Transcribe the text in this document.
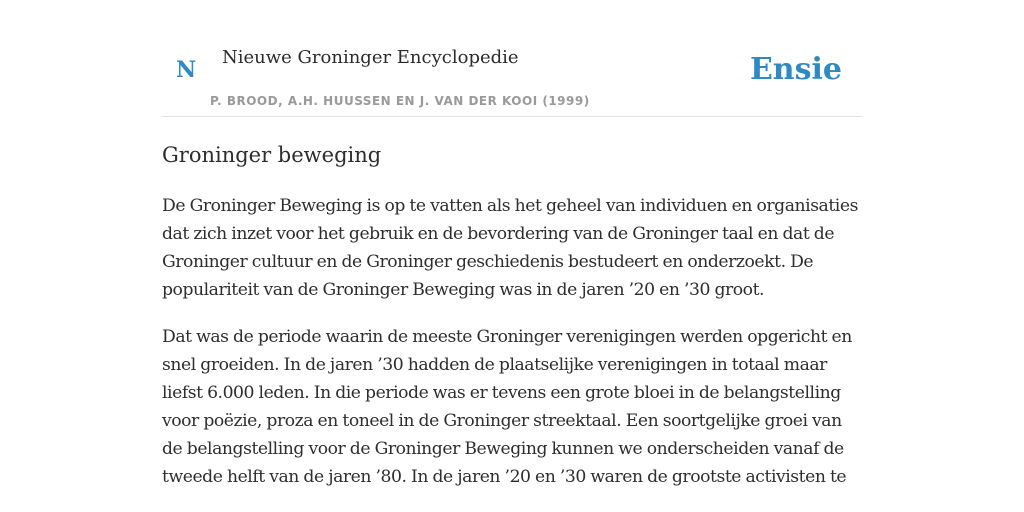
N Nieuwe Groninger Encyclopedie
P. BROOD, A.H. HUUSSEN EN J. VAN DER KOOI (1999)
Ensie
Groninger beweging

De Groninger Beweging is op te vatten als het geheel van individuen en organisaties dat zich inzet voor het gebruik en de bevordering van de Groninger taal en dat de Groninger cultuur en de Groninger geschiedenis bestudeert en onderzoekt. De populariteit van de Groninger Beweging was in de jaren ’20 en ’30 groot.

Dat was de periode waarin de meeste Groninger verenigingen werden opgericht en snel groeiden. In de jaren ’30 hadden de plaatselijke verenigingen in totaal maar liefst 6.000 leden. In die periode was er tevens een grote bloei in de belangstelling voor poëzie, proza en toneel in de Groninger streektaal. Een soortgelijke groei van de belangstelling voor de Groninger Beweging kunnen we onderscheiden vanaf de tweede helft van de jaren ’80. In de jaren ’20 en ’30 waren de grootste activisten te
